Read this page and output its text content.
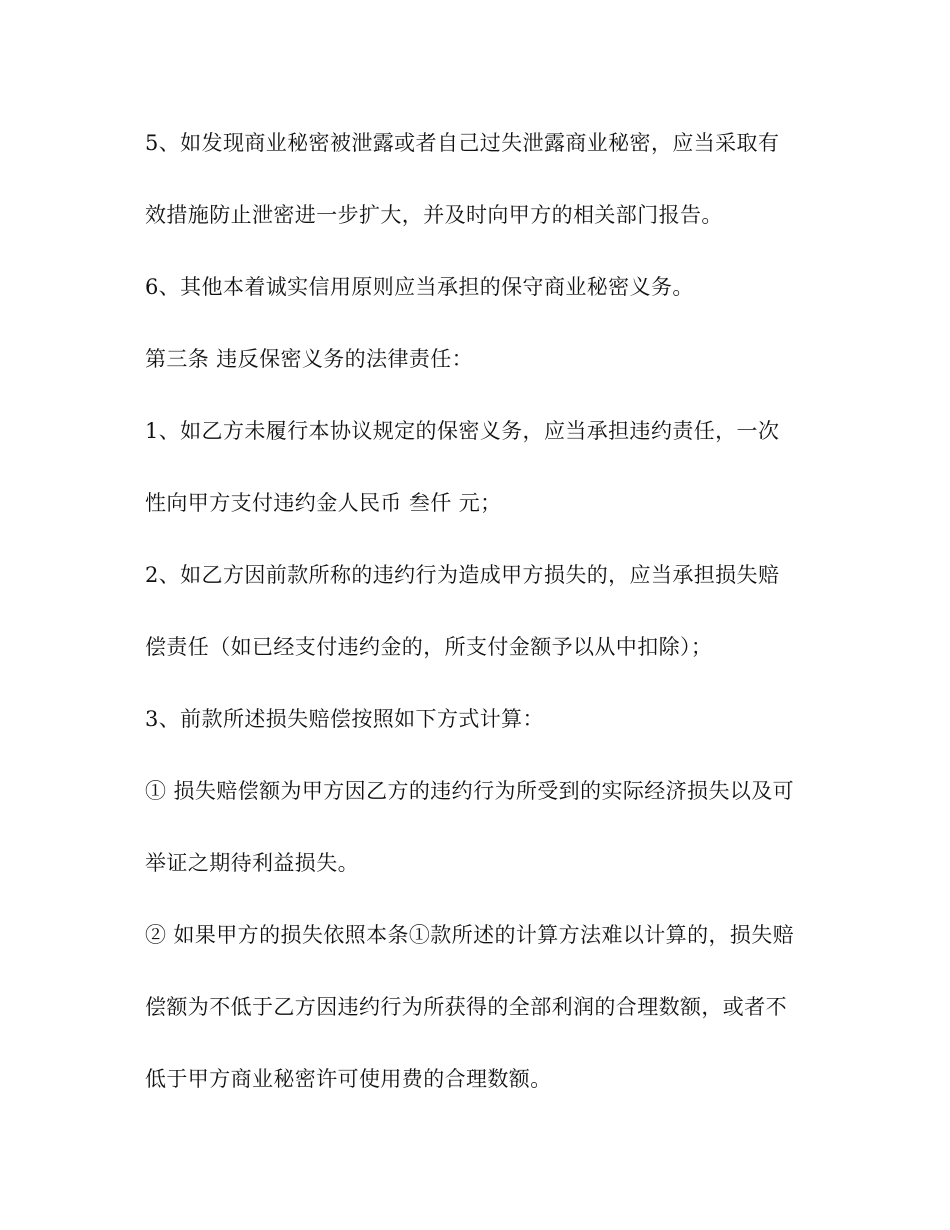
5、如发现商业秘密被泄露或者自己过失泄露商业秘密，应当采取有
效措施防止泄密进一步扩大，并及时向甲方的相关部门报告。
6、其他本着诚实信用原则应当承担的保守商业秘密义务。
第三条 违反保密义务的法律责任：
1、如乙方未履行本协议规定的保密义务，应当承担违约责任，一次
性向甲方支付违约金人民币 叁仟 元；
2、如乙方因前款所称的违约行为造成甲方损失的，应当承担损失赔
偿责任（如已经支付违约金的，所支付金额予以从中扣除）；
3、前款所述损失赔偿按照如下方式计算：
① 损失赔偿额为甲方因乙方的违约行为所受到的实际经济损失以及可
举证之期待利益损失。
② 如果甲方的损失依照本条①款所述的计算方法难以计算的，损失赔
偿额为不低于乙方因违约行为所获得的全部利润的合理数额，或者不
低于甲方商业秘密许可使用费的合理数额。
